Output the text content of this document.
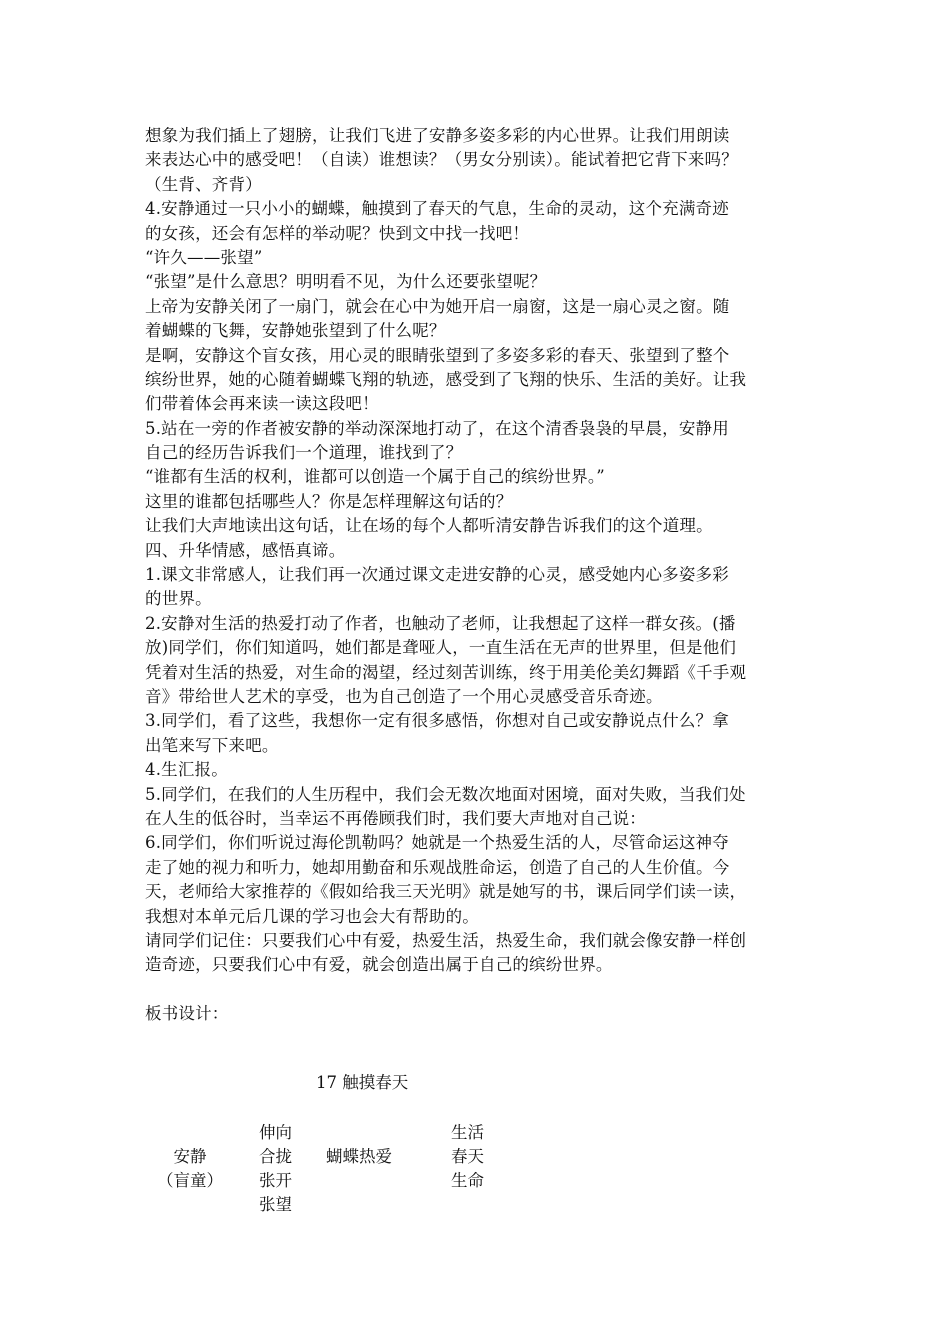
想象为我们插上了翅膀，让我们飞进了安静多姿多彩的内心世界。让我们用朗读
来表达心中的感受吧！（自读）谁想读？（男女分别读）。能试着把它背下来吗？
（生背、齐背）
4.安静通过一只小小的蝴蝶，触摸到了春天的气息，生命的灵动，这个充满奇迹
的女孩，还会有怎样的举动呢？快到文中找一找吧！
“许久——张望”
“张望”是什么意思？明明看不见，为什么还要张望呢？
上帝为安静关闭了一扇门，就会在心中为她开启一扇窗，这是一扇心灵之窗。随
着蝴蝶的飞舞，安静她张望到了什么呢？
是啊，安静这个盲女孩，用心灵的眼睛张望到了多姿多彩的春天、张望到了整个
缤纷世界，她的心随着蝴蝶飞翔的轨迹，感受到了飞翔的快乐、生活的美好。让我
们带着体会再来读一读这段吧！
5.站在一旁的作者被安静的举动深深地打动了，在这个清香袅袅的早晨，安静用
自己的经历告诉我们一个道理，谁找到了？
“谁都有生活的权利，谁都可以创造一个属于自己的缤纷世界。”
这里的谁都包括哪些人？你是怎样理解这句话的？
让我们大声地读出这句话，让在场的每个人都听清安静告诉我们的这个道理。
四、升华情感，感悟真谛。
1.课文非常感人，让我们再一次通过课文走进安静的心灵，感受她内心多姿多彩
的世界。
2.安静对生活的热爱打动了作者，也触动了老师，让我想起了这样一群女孩。(播
放)同学们，你们知道吗，她们都是聋哑人，一直生活在无声的世界里，但是他们
凭着对生活的热爱，对生命的渴望，经过刻苦训练，终于用美伦美幻舞蹈《千手观
音》带给世人艺术的享受，也为自己创造了一个用心灵感受音乐奇迹。
3.同学们，看了这些，我想你一定有很多感悟，你想对自己或安静说点什么？拿
出笔来写下来吧。
4.生汇报。
5.同学们，在我们的人生历程中，我们会无数次地面对困境，面对失败，当我们处
在人生的低谷时，当幸运不再倦顾我们时，我们要大声地对自己说：
6.同学们，你们听说过海伦凯勒吗？她就是一个热爱生活的人，尽管命运这神夺
走了她的视力和听力，她却用勤奋和乐观战胜命运，创造了自己的人生价值。今
天，老师给大家推荐的《假如给我三天光明》就是她写的书，课后同学们读一读，
我想对本单元后几课的学习也会大有帮助的。
请同学们记住：只要我们心中有爱，热爱生活，热爱生命，我们就会像安静一样创
造奇迹，只要我们心中有爱，就会创造出属于自己的缤纷世界。
板书设计：
17 触摸春天
安静
（盲童）
伸向
合拢
张开
张望
蝴蝶热爱
生活
春天
生命
